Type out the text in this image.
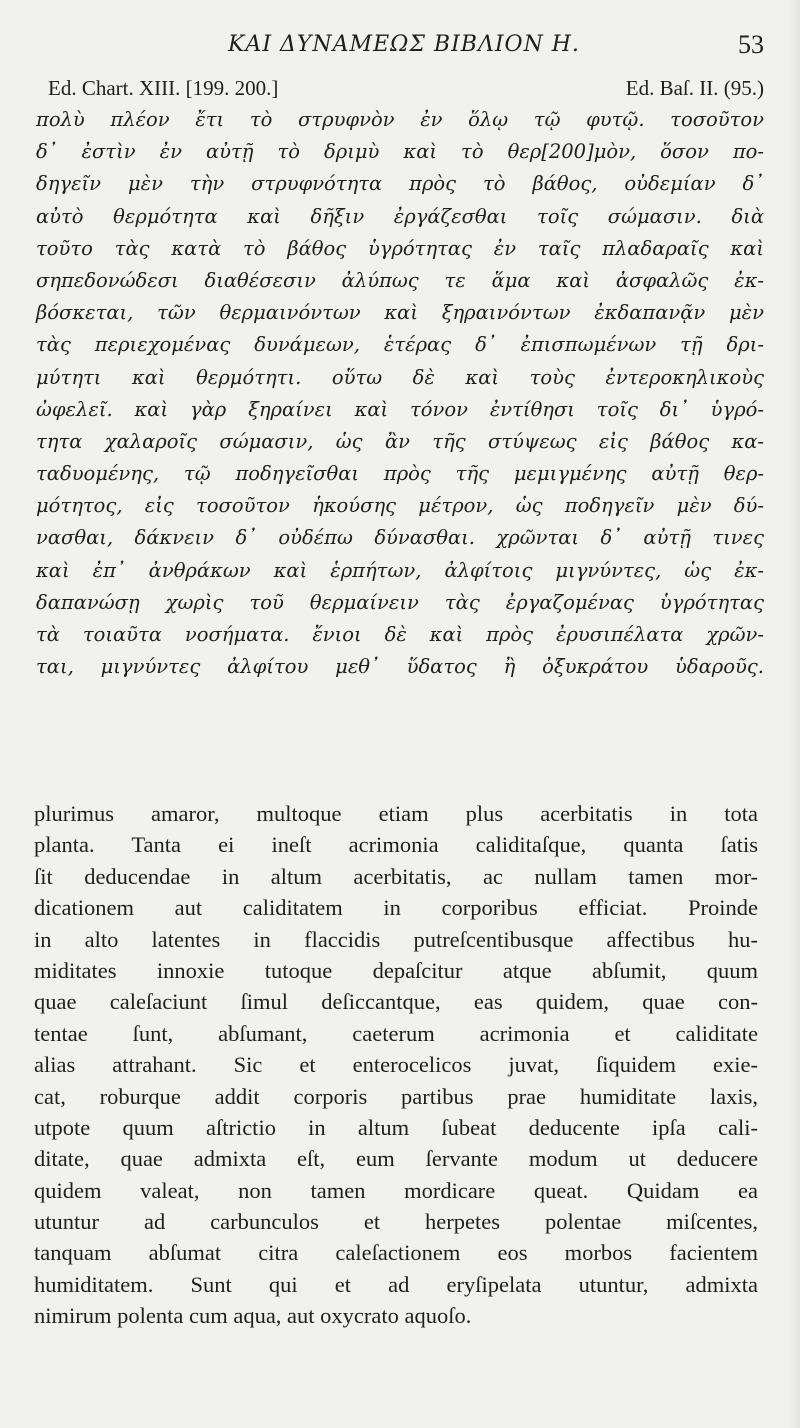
ΚΑΙ ΔΥΝΑΜΕΩΣ ΒΙΒΛΙΟΝ Η.	53
Ed. Chart. XIII. [199. 200.]	Ed. Baſ. II. (95.)
πολὺ πλέον ἔτι τὸ στρυφνὸν ἐν ὅλῳ τῷ φυτῷ. τοσοῦτον
δ᾽ ἐστὶν ἐν αὐτῇ τὸ δριμὺ καὶ τὸ θερ[200]μὸν, ὅσον πο-
δηγεῖν μὲν τὴν στρυφνότητα πρὸς τὸ βάθος, οὐδεμίαν δ᾽
αὐτὸ θερμότητα καὶ δῆξιν ἐργάζεσθαι τοῖς σώμασιν. διὰ
τοῦτο τὰς κατὰ τὸ βάθος ὑγρότητας ἐν ταῖς πλαδαραῖς καὶ
σηπεδονώδεσι διαθέσεσιν ἀλύπως τε ἅμα καὶ ἀσφαλῶς ἐκ-
βόσκεται, τῶν θερμαινόντων καὶ ξηραινόντων ἐκδαπανᾷν μὲν
τὰς περιεχομένας δυνάμεων, ἑτέρας δ᾽ ἐπισπωμένων τῇ δρι-
μύτητι καὶ θερμότητι. οὕτω δὲ καὶ τοὺς ἐντεροκηλικοὺς
ὠφελεῖ. καὶ γὰρ ξηραίνει καὶ τόνον ἐντίθησι τοῖς δι᾽ ὑγρό-
τητα χαλαροῖς σώμασιν, ὡς ἂν τῆς στύψεως εἰς βάθος κα-
ταδυομένης, τῷ ποδηγεῖσθαι πρὸς τῆς μεμιγμένης αὐτῇ θερ-
μότητος, εἰς τοσοῦτον ἡκούσης μέτρον, ὡς ποδηγεῖν μὲν δύ-
νασθαι, δάκνειν δ᾽ οὐδέπω δύνασθαι. χρῶνται δ᾽ αὐτῇ τινες
καὶ ἐπ᾽ ἀνθράκων καὶ ἑρπήτων, ἀλφίτοις μιγνύντες, ὡς ἐκ-
δαπανώσῃ χωρὶς τοῦ θερμαίνειν τὰς ἐργαζομένας ὑγρότητας
τὰ τοιαῦτα νοσήματα. ἔνιοι δὲ καὶ πρὸς ἐρυσιπέλατα χρῶν-
ται, μιγνύντες ἀλφίτου μεθ᾽ ὕδατος ἢ ὀξυκράτου ὑδαροῦς.
plurimus amaror, multoque etiam plus acerbitatis in tota
planta. Tanta ei ineſt acrimonia caliditaſque, quanta ſatis
ſit deducendae in altum acerbitatis, ac nullam tamen mor-
dicationem aut caliditatem in corporibus efficiat. Proinde
in alto latentes in flaccidis putreſcentibusque affectibus hu-
miditates innoxie tutoque depaſcitur atque abſumit, quum
quae caleſaciunt ſimul deſiccantque, eas quidem, quae con-
tentae ſunt, abſumant, caeterum acrimonia et caliditate
alias attrahant. Sic et enterocelicos juvat, ſiquidem exie-
cat, roburque addit corporis partibus prae humiditate laxis,
utpote quum aſtrictio in altum ſubeat deducente ipſa cali-
ditate, quae admixta eſt, eum ſervante modum ut deducere
quidem valeat, non tamen mordicare queat. Quidam ea
utuntur ad carbunculos et herpetes polentae miſcentes,
tanquam abſumat citra caleſactionem eos morbos facientem
humiditatem. Sunt qui et ad eryſipelata utuntur, admixta
nimirum polenta cum aqua, aut oxycrato aquoſo.
